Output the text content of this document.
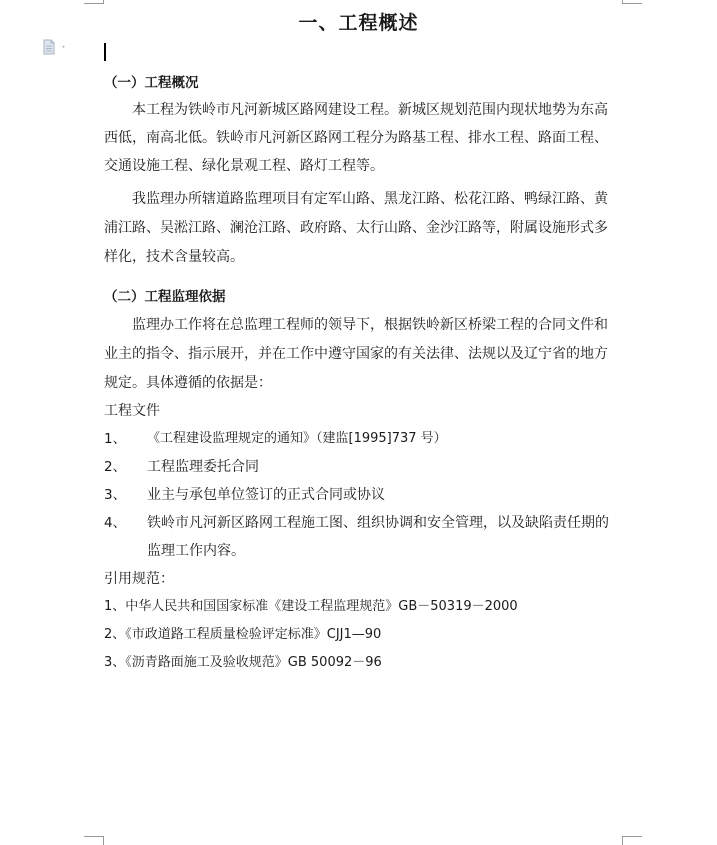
一、工程概述
（一）工程概况
本工程为铁岭市凡河新城区路网建设工程。新城区规划范围内现状地势为东高
西低，南高北低。铁岭市凡河新区路网工程分为路基工程、排水工程、路面工程、
交通设施工程、绿化景观工程、路灯工程等。
我监理办所辖道路监理项目有定军山路、黑龙江路、松花江路、鸭绿江路、黄
浦江路、吴淞江路、澜沧江路、政府路、太行山路、金沙江路等，附属设施形式多
样化，技术含量较高。
（二）工程监理依据
监理办工作将在总监理工程师的领导下，根据铁岭新区桥梁工程的合同文件和
业主的指令、指示展开，并在工作中遵守国家的有关法律、法规以及辽宁省的地方
规定。具体遵循的依据是：
工程文件
1、 《工程建设监理规定的通知》（建监[1995]737 号）
2、 工程监理委托合同
3、 业主与承包单位签订的正式合同或协议
4、 铁岭市凡河新区路网工程施工图、组织协调和安全管理，以及缺陷责任期的
监理工作内容。
引用规范：
1、中华人民共和国国家标准《建设工程监理规范》GB－50319－2000
2、《市政道路工程质量检验评定标准》CJJ1—90
3、《沥青路面施工及验收规范》GB 50092－96
